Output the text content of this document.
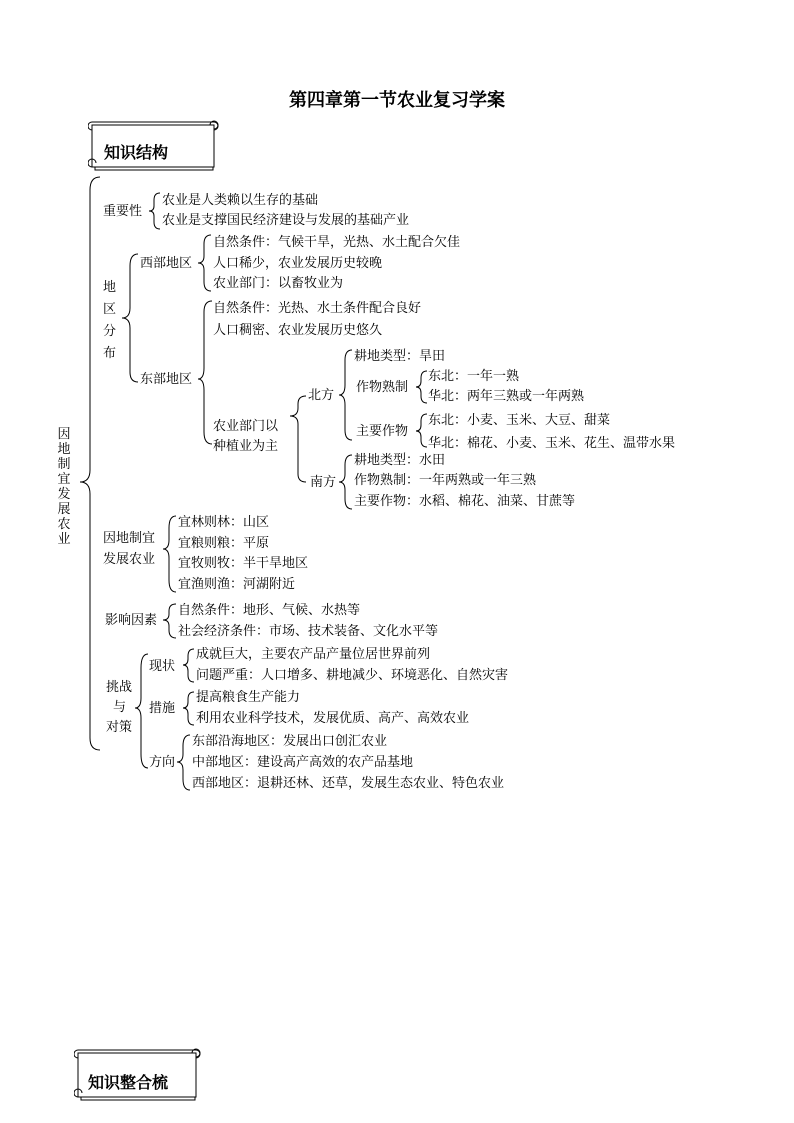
第四章第一节农业复习学案
知识结构
知识整合梳
因地制宜发展农业
重要性
农业是人类赖以生存的基础
农业是支撑国民经济建设与发展的基础产业
地
区
分
布
西部地区
自然条件：气候干旱，光热、水土配合欠佳
人口稀少，农业发展历史较晚
农业部门：以畜牧业为
东部地区
自然条件：光热、水土条件配合良好
人口稠密、农业发展历史悠久
农业部门以
种植业为主
北方
南方
耕地类型：旱田
作物熟制
东北：一年一熟
华北：两年三熟或一年两熟
主要作物
东北：小麦、玉米、大豆、甜菜
华北：棉花、小麦、玉米、花生、温带水果
耕地类型：水田
作物熟制：一年两熟或一年三熟
主要作物：水稻、棉花、油菜、甘蔗等
因地制宜
发展农业
宜林则林：山区
宜粮则粮：平原
宜牧则牧：半干旱地区
宜渔则渔：河湖附近
影响因素
自然条件：地形、气候、水热等
社会经济条件：市场、技术装备、文化水平等
挑战
与
对策
现状
成就巨大，主要农产品产量位居世界前列
问题严重：人口增多、耕地减少、环境恶化、自然灾害
措施
提高粮食生产能力
利用农业科学技术，发展优质、高产、高效农业
方向
东部沿海地区：发展出口创汇农业
中部地区：建设高产高效的农产品基地
西部地区：退耕还林、还草，发展生态农业、特色农业
